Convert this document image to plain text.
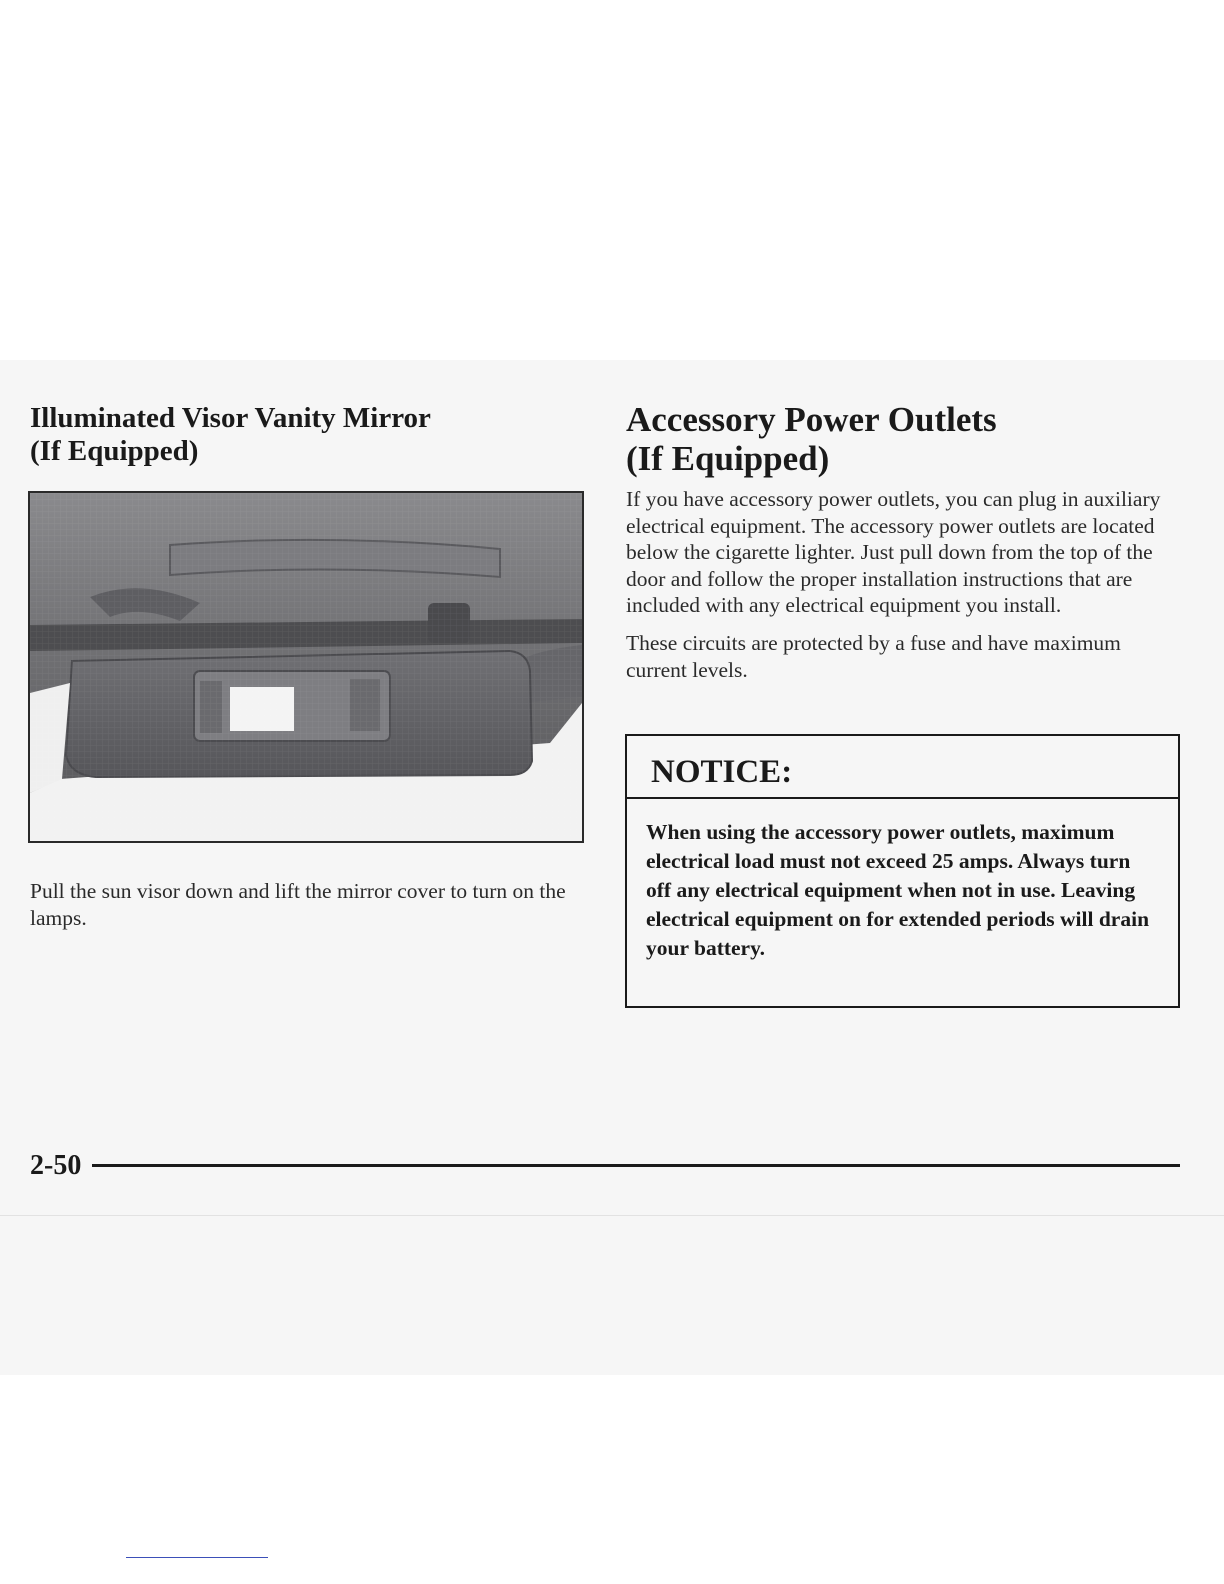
Illuminated Visor Vanity Mirror
(If Equipped)

Pull the sun visor down and lift the mirror cover to turn on the lamps.

Accessory Power Outlets
(If Equipped)

If you have accessory power outlets, you can plug in auxiliary electrical equipment. The accessory power outlets are located below the cigarette lighter. Just pull down from the top of the door and follow the proper installation instructions that are included with any electrical equipment you install.

These circuits are protected by a fuse and have maximum current levels.

NOTICE:

When using the accessory power outlets, maximum electrical load must not exceed 25 amps. Always turn off any electrical equipment when not in use. Leaving electrical equipment on for extended periods will drain your battery.

2-50
